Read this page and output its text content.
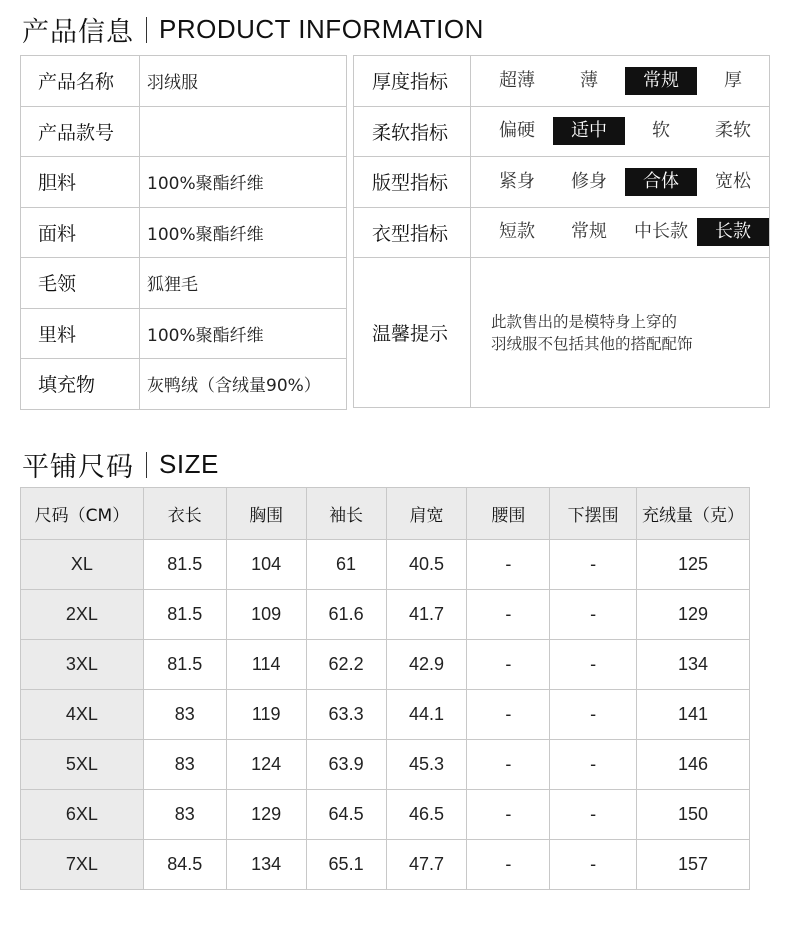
产品信息 PRODUCT INFORMATION
产品名称	羽绒服
产品款号	
胆料	100%聚酯纤维
面料	100%聚酯纤维
毛领	狐狸毛
里料	100%聚酯纤维
填充物	灰鸭绒（含绒量90%）
厚度指标	超薄 薄 常规 厚

柔软指标	偏硬 适中 软 柔软

版型指标	紧身 修身 合体 宽松

衣型指标	短款 常规 中长款 长款

温馨提示	此款售出的是模特身上穿的
羽绒服不包括其他的搭配配饰
平铺尺码 SIZE
尺码（CM）	衣长	胸围	袖长	肩宽	腰围	下摆围	充绒量（克）
XL	81.5	104	61	40.5	-	-	125
2XL	81.5	109	61.6	41.7	-	-	129
3XL	81.5	114	62.2	42.9	-	-	134
4XL	83	119	63.3	44.1	-	-	141
5XL	83	124	63.9	45.3	-	-	146
6XL	83	129	64.5	46.5	-	-	150
7XL	84.5	134	65.1	47.7	-	-	157
